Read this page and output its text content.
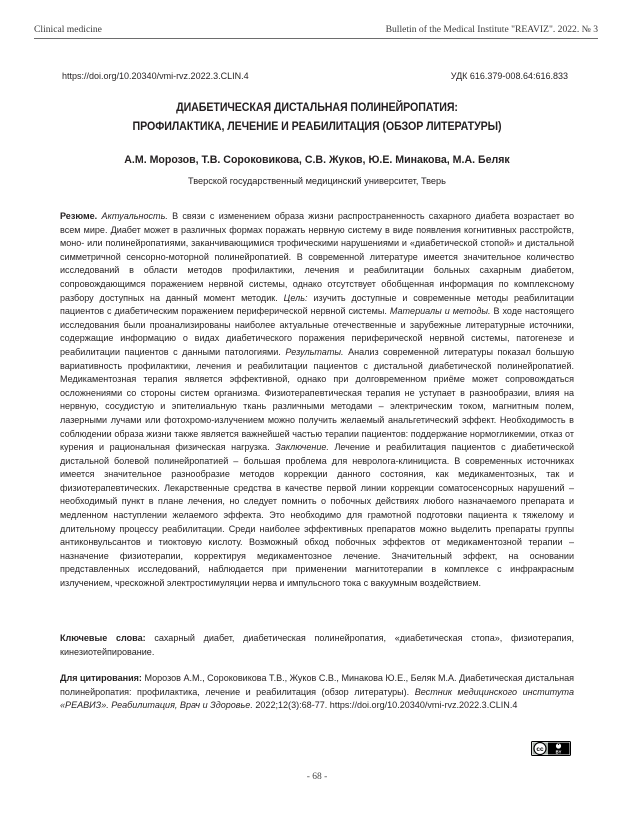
Clinical medicine	Bulletin of the Medical Institute "REAVIZ". 2022. № 3
https://doi.org/10.20340/vmi-rvz.2022.3.CLIN.4	УДК 616.379-008.64:616.833
ДИАБЕТИЧЕСКАЯ ДИСТАЛЬНАЯ ПОЛИНЕЙРОПАТИЯ:
ПРОФИЛАКТИКА, ЛЕЧЕНИЕ И РЕАБИЛИТАЦИЯ (ОБЗОР ЛИТЕРАТУРЫ)
А.М. Морозов, Т.В. Сороковикова, С.В. Жуков, Ю.Е. Минакова, М.А. Беляк
Тверской государственный медицинский университет, Тверь

Резюме. Актуальность. В связи с изменением образа жизни распространенность сахарного диабета возрастает во всем мире. Диабет может в различных формах поражать нервную систему в виде появления когнитивных расстройств, моно- или полинейропатиями, заканчивающимися трофическими нарушениями и «диабетической стопой» и дистальной симметричной сенсорно-моторной полинейропатией. В современной литературе имеется значительное количество исследований в области методов профилактики, лечения и реабилитации больных сахарным диабетом, сопровождающимся поражением нервной системы, однако отсутствует обобщенная информация по комплексному разбору доступных на данный момент методик. Цель: изучить доступные и современные методы реабилитации пациентов с диабетическим поражением периферической нервной системы. Материалы и методы. В ходе настоящего исследования были проанализированы наиболее актуальные отечественные и зарубежные литературные источники, содержащие информацию о видах диабетического поражения периферической нервной системы, патогенезе и реабилитации пациентов с данными патологиями. Результаты. Анализ современной литературы показал большую вариативность профилактики, лечения и реабилитации пациентов с дистальной диабетической полинейропатией. Медикаментозная терапия является эффективной, однако при долговременном приёме может сопровождаться осложнениями со стороны систем организма. Физиотерапевтическая терапия не уступает в разнообразии, влияя на нервную, сосудистую и эпителиальную ткань различными методами – электрическим током, магнитным полем, лазерными лучами или фотохромо-излучением можно получить желаемый анальгетический эффект. Необходимость в соблюдении образа жизни также является важнейшей частью терапии пациентов: поддержание нормогликемии, отказ от курения и рациональная физическая нагрузка. Заключение. Лечение и реабилитация пациентов с диабетической дистальной болевой полинейропатией – большая проблема для невролога-клинициста. В современных источниках имеется значительное разнообразие методов коррекции данного состояния, как медикаментозных, так и физиотерапевтических. Лекарственные средства в качестве первой линии коррекции соматосенсорных нарушений – необходимый пункт в плане лечения, но следует помнить о побочных действиях любого назначаемого препарата и медленном наступлении желаемого эффекта. Это необходимо для грамотной подготовки пациента к тяжелому и длительному процессу реабилитации. Среди наиболее эффективных препаратов можно выделить препараты группы антиконвульсантов и тиоктовую кислоту. Возможный обход побочных эффектов от медикаментозной терапии – назначение физиотерапии, корректируя медикаментозное лечение. Значительный эффект, на основании представленных исследований, наблюдается при применении магнитотерапии в комплексе с инфракрасным излучением, чрескожной электростимуляции нерва и импульсного тока с вакуумным воздействием.

Ключевые слова: сахарный диабет, диабетическая полинейропатия, «диабетическая стопа», физиотерапия, кинезиотейпирование.

Для цитирования: Морозов А.М., Сороковикова Т.В., Жуков С.В., Минакова Ю.Е., Беляк М.А. Диабетическая дистальная полинейропатия: профилактика, лечение и реабилитация (обзор литературы). Вестник медицинского института «РЕАВИЗ». Реабилитация, Врач и Здоровье. 2022;12(3):68-77. https://doi.org/10.20340/vmi-rvz.2022.3.CLIN.4

cc	BY
- 68 -
